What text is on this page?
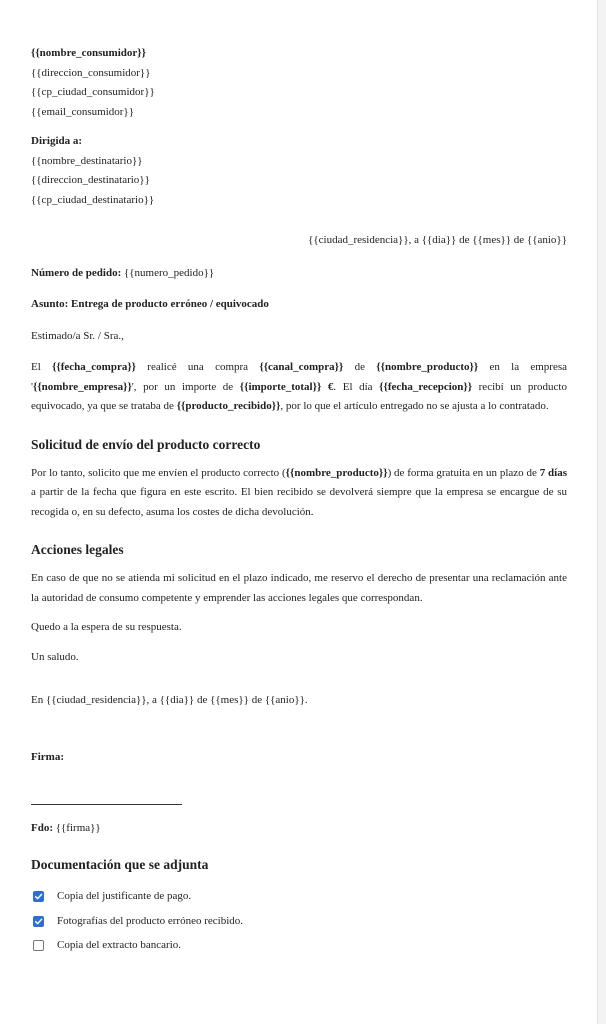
{{nombre_consumidor}}

{{direccion_consumidor}}

{{cp_ciudad_consumidor}}

{{email_consumidor}}

Dirigida a:

{{nombre_destinatario}}

{{direccion_destinatario}}

{{cp_ciudad_destinatario}}

{{ciudad_residencia}}, a {{dia}} de {{mes}} de {{anio}}

Número de pedido: {{numero_pedido}}

Asunto: Entrega de producto erróneo / equivocado

Estimado/a Sr. / Sra.,

El {{fecha_compra}} realicé una compra {{canal_compra}} de {{nombre_producto}} en la empresa '{{nombre_empresa}}', por un importe de {{importe_total}} €. El día {{fecha_recepcion}} recibí un producto equivocado, ya que se trataba de {{producto_recibido}}, por lo que el artículo entregado no se ajusta a lo contratado.

Solicitud de envío del producto correcto

Por lo tanto, solicito que me envíen el producto correcto ({{nombre_producto}}) de forma gratuita en un plazo de 7 días a partir de la fecha que figura en este escrito. El bien recibido se devolverá siempre que la empresa se encargue de su recogida o, en su defecto, asuma los costes de dicha devolución.

Acciones legales

En caso de que no se atienda mi solicitud en el plazo indicado, me reservo el derecho de presentar una reclamación ante la autoridad de consumo competente y emprender las acciones legales que correspondan.

Quedo a la espera de su respuesta.

Un saludo.

En {{ciudad_residencia}}, a {{dia}} de {{mes}} de {{anio}}.

Firma:

Fdo: {{firma}}

Documentación que se adjunta
Copia del justificante de pago.
Fotografías del producto erróneo recibido.
Copia del extracto bancario.
